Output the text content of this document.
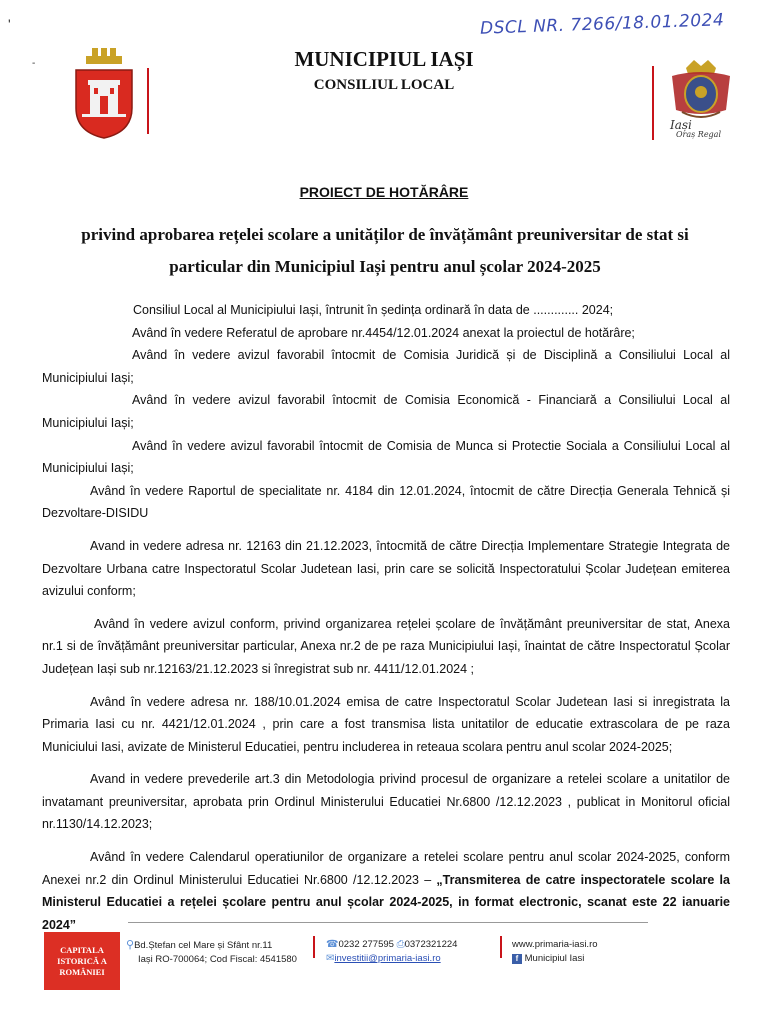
'
-
DSCL NR. 7266/18.01.2024
MUNICIPIUL IAȘI
CONSILIUL LOCAL
Iași
Oraș Regal
PROIECT DE HOTĂRÂRE
privind aprobarea rețelei scolare a unităților de învățământ preuniversitar de stat si
particular din Municipiul Iași pentru anul școlar 2024-2025

Consiliul Local al Municipiului Iași, întrunit în ședința ordinară în data de ............. 2024;

Având în vedere Referatul de aprobare nr.4454/12.01.2024 anexat la proiectul de hotărâre;

Având în vedere avizul favorabil întocmit de Comisia Juridică și de Disciplină a Consiliului Local al Municipiului Iași;

Având în vedere avizul favorabil întocmit de Comisia Economică - Financiară a Consiliului Local al Municipiului Iași;

Având în vedere avizul favorabil întocmit de Comisia de Munca si Protectie Sociala a Consiliului Local al Municipiului Iași;

Având în vedere Raportul de specialitate nr. 4184 din 12.01.2024, întocmit de către Direcția Generala Tehnică și Dezvoltare-DISIDU

Avand in vedere adresa nr. 12163 din 21.12.2023, întocmită de către Direcția Implementare Strategie Integrata de Dezvoltare Urbana catre Inspectoratul Scolar Judetean Iasi, prin care se solicită Inspectoratului Școlar Județean emiterea avizului conform;

Având în vedere avizul conform, privind organizarea rețelei școlare de învățământ preuniversitar de stat, Anexa nr.1 si de învățământ preuniversitar particular, Anexa nr.2 de pe raza Municipiului Iași, înaintat de către Inspectoratul Școlar Județean Iași sub nr.12163/21.12.2023 si înregistrat sub nr. 4411/12.01.2024 ;

Având în vedere adresa nr. 188/10.01.2024 emisa de catre Inspectoratul Scolar Judetean Iasi si inregistrata la Primaria Iasi cu nr. 4421/12.01.2024 , prin care a fost transmisa lista unitatilor de educatie extrascolara de pe raza Municiului Iasi, avizate de Ministerul Educatiei, pentru includerea in reteaua scolara pentru anul scolar 2024-2025;

Avand in vedere prevederile art.3 din Metodologia privind procesul de organizare a retelei scolare a unitatilor de invatamant preuniversitar, aprobata prin Ordinul Ministerului Educatiei Nr.6800 /12.12.2023 , publicat in Monitorul oficial nr.1130/14.12.2023;

Având în vedere Calendarul operatiunilor de organizare a retelei scolare pentru anul scolar 2024-2025, conform Anexei nr.2 din Ordinul Ministerului Educatiei Nr.6800 /12.12.2023 – „Transmiterea de catre inspectoratele scolare la Ministerul Educatiei a rețelei școlare pentru anul școlar 2024-2025, in format electronic, scanat este 22 ianuarie 2024”

CAPITALA ISTORICĂ A ROMÂNIEI
⚲Bd.Ștefan cel Mare și Sfânt nr.11
Iași RO-700064; Cod Fiscal: 4541580
☎0232 277595 ⎙0372321224
✉investitii@primaria-iasi.ro
www.primaria-iasi.ro
f Municipiul Iasi
